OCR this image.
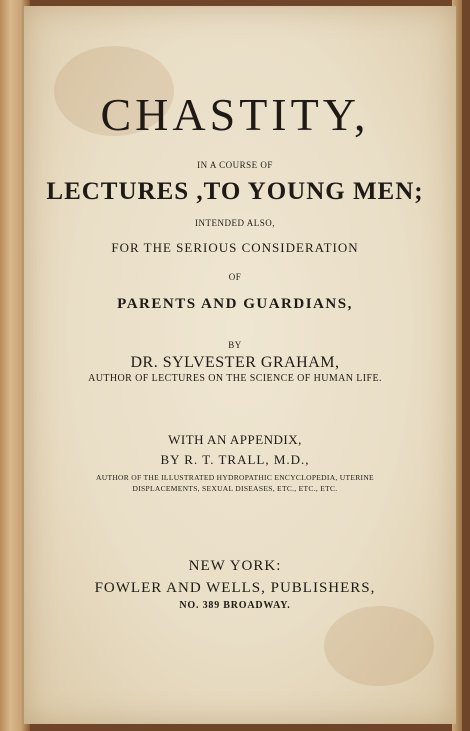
CHASTITY,
IN A COURSE OF
LECTURES ,TO YOUNG MEN;
INTENDED ALSO,
FOR THE SERIOUS CONSIDERATION
OF
PARENTS AND GUARDIANS,
BY
DR. SYLVESTER GRAHAM,
AUTHOR OF LECTURES ON THE SCIENCE OF HUMAN LIFE.
WITH AN APPENDIX,
BY R. T. TRALL, M.D.,
AUTHOR OF THE ILLUSTRATED HYDROPATHIC ENCYCLOPEDIA, UTERINE
DISPLACEMENTS, SEXUAL DISEASES, ETC., ETC., ETC.
NEW YORK:
FOWLER AND WELLS, PUBLISHERS,
NO. 389 BROADWAY.
